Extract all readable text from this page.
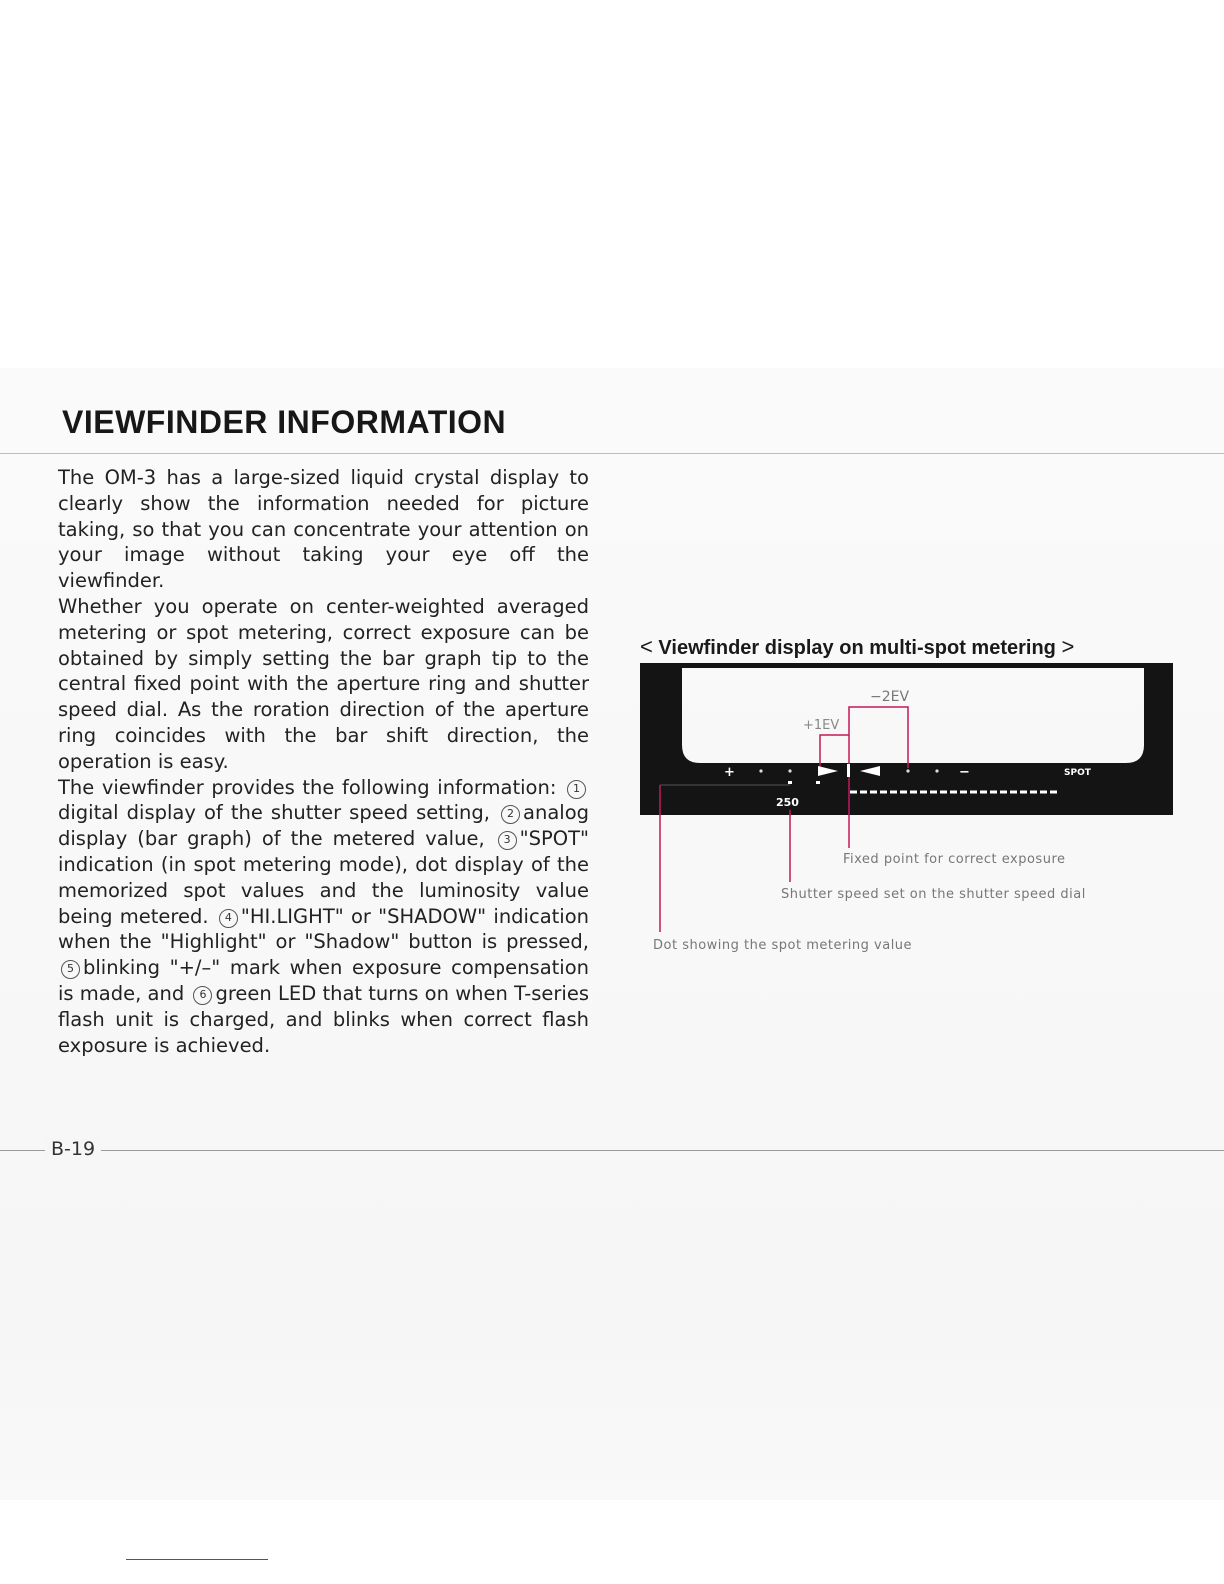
VIEWFINDER INFORMATION

The OM-3 has a large-sized liquid crystal display to clearly show the information needed for picture taking, so that you can concentrate your attention on your image without taking your eye off the viewfinder.

Whether you operate on center-weighted averaged metering or spot metering, correct exposure can be obtained by simply setting the bar graph tip to the central fixed point with the aperture ring and shutter speed dial. As the roration direction of the aperture ring coincides with the bar shift direction, the operation is easy.

The viewfinder provides the following information: 1digital display of the shutter speed setting, 2 analog display (bar graph) of the metered value, 3 "SPOT" indication (in spot metering mode), dot display of the memorized spot values and the luminosity value being metered. 4 "HI.LIGHT" or "SHADOW" indication when the "Highlight" or "Shadow" button is pressed, 5 blinking "+/–" mark when exposure compensation is made, and 6 green LED that turns on when T-series flash unit is charged, and blinks when correct flash exposure is achieved.

< Viewfinder display on multi-spot metering >
−2EV
+1EV
+	−	SPOT
250
Fixed point for correct exposure
Shutter speed set on the shutter speed dial
Dot showing the spot metering value
B-19
